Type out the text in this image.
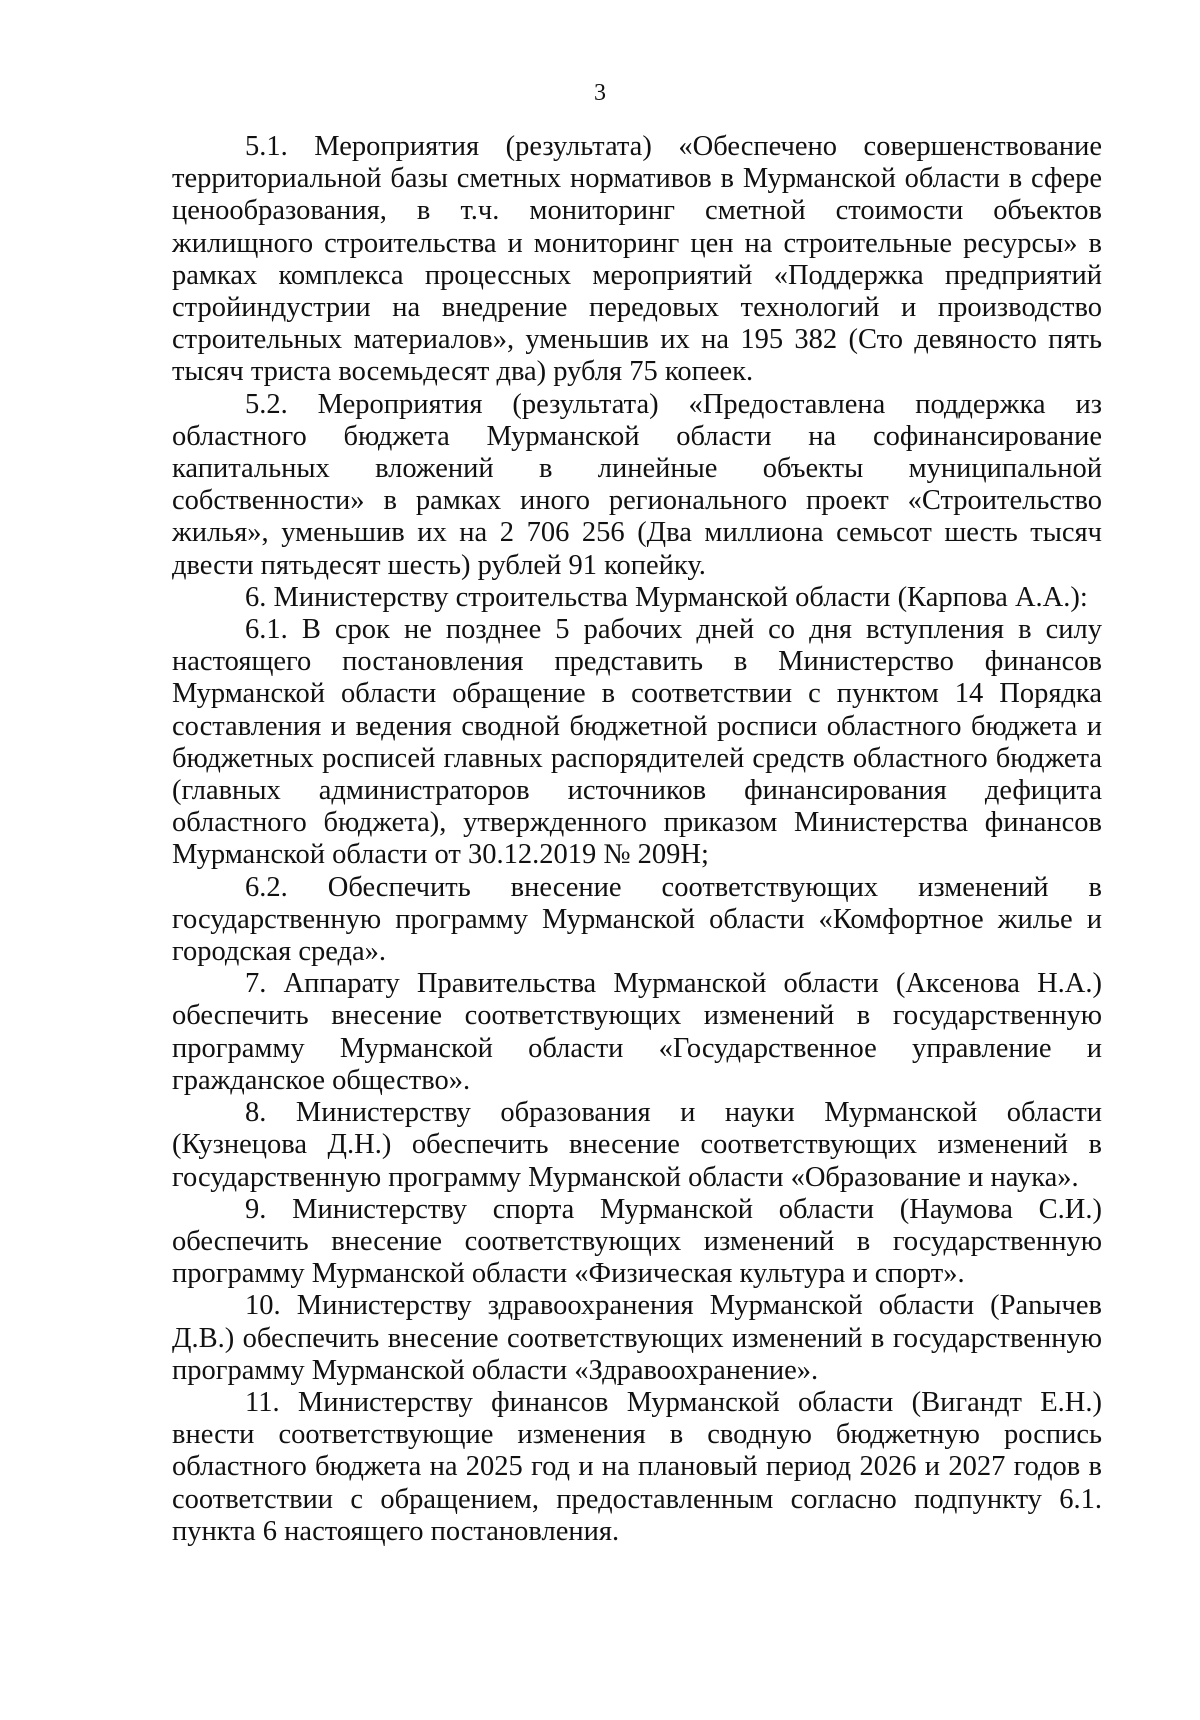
3

5.1. Мероприятия (результата) «Обеспечено совершенствование территориальной базы сметных нормативов в Мурманской области в сфере ценообразования, в т.ч. мониторинг сметной стоимости объектов жилищного строительства и мониторинг цен на строительные ресурсы» в рамках комплекса процессных мероприятий «Поддержка предприятий стройиндустрии на внедрение передовых технологий и производство строительных материалов», уменьшив их на 195 382 (Сто девяносто пять тысяч триста восемьдесят два) рубля 75 копеек.

5.2. Мероприятия (результата) «Предоставлена поддержка из областного бюджета Мурманской области на софинансирование капитальных вложений в линейные объекты муниципальной собственности» в рамках иного регионального проект «Строительство жилья», уменьшив их на 2 706 256 (Два миллиона семьсот шесть тысяч двести пятьдесят шесть) рублей 91 копейку.

6. Министерству строительства Мурманской области (Карпова А.А.):

6.1. В срок не позднее 5 рабочих дней со дня вступления в силу настоящего постановления представить в Министерство финансов Мурманской области обращение в соответствии с пунктом 14 Порядка составления и ведения сводной бюджетной росписи областного бюджета и бюджетных росписей главных распорядителей средств областного бюджета (главных администраторов источников финансирования дефицита областного бюджета), утвержденного приказом Министерства финансов Мурманской области от 30.12.2019 № 209Н;

6.2. Обеспечить внесение соответствующих изменений в государственную программу Мурманской области «Комфортное жилье и городская среда».

7. Аппарату Правительства Мурманской области (Аксенова Н.А.) обеспечить внесение соответствующих изменений в государственную программу Мурманской области «Государственное управление и гражданское общество».

8. Министерству образования и науки Мурманской области (Кузнецова Д.Н.) обеспечить внесение соответствующих изменений в государственную программу Мурманской области «Образование и наука».

9. Министерству спорта Мурманской области (Наумова С.И.) обеспечить внесение соответствующих изменений в государственную программу Мурманской области «Физическая культура и спорт».

10. Министерству здравоохранения Мурманской области (Panычев Д.В.) обеспечить внесение соответствующих изменений в государственную программу Мурманской области «Здравоохранение».

11. Министерству финансов Мурманской области (Вигандт Е.Н.) внести соответствующие изменения в сводную бюджетную роспись областного бюджета на 2025 год и на плановый период 2026 и 2027 годов в соответствии с обращением, предоставленным согласно подпункту 6.1. пункта 6 настоящего постановления.
